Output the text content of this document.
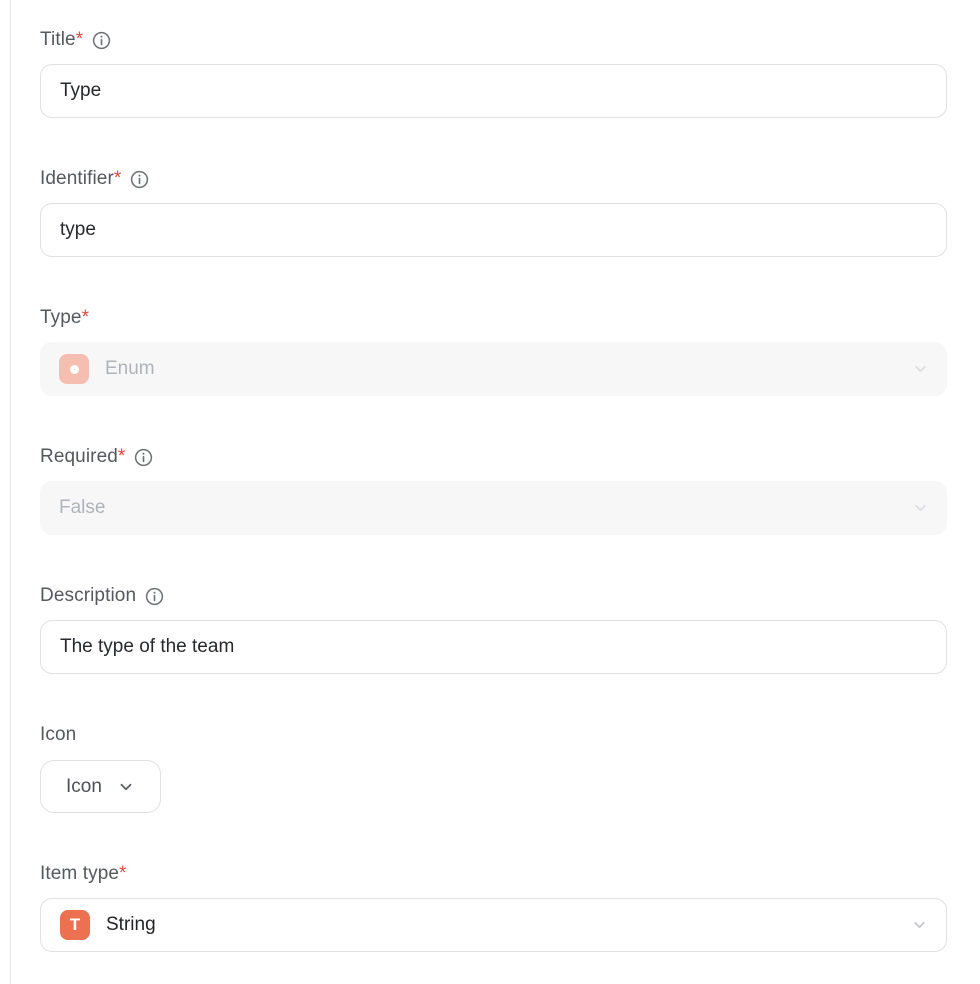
Title*
Type
Identifier*
type
Type*
Enum
Required*
False
Description
The type of the team
Icon
Icon
Item type*
T	String
